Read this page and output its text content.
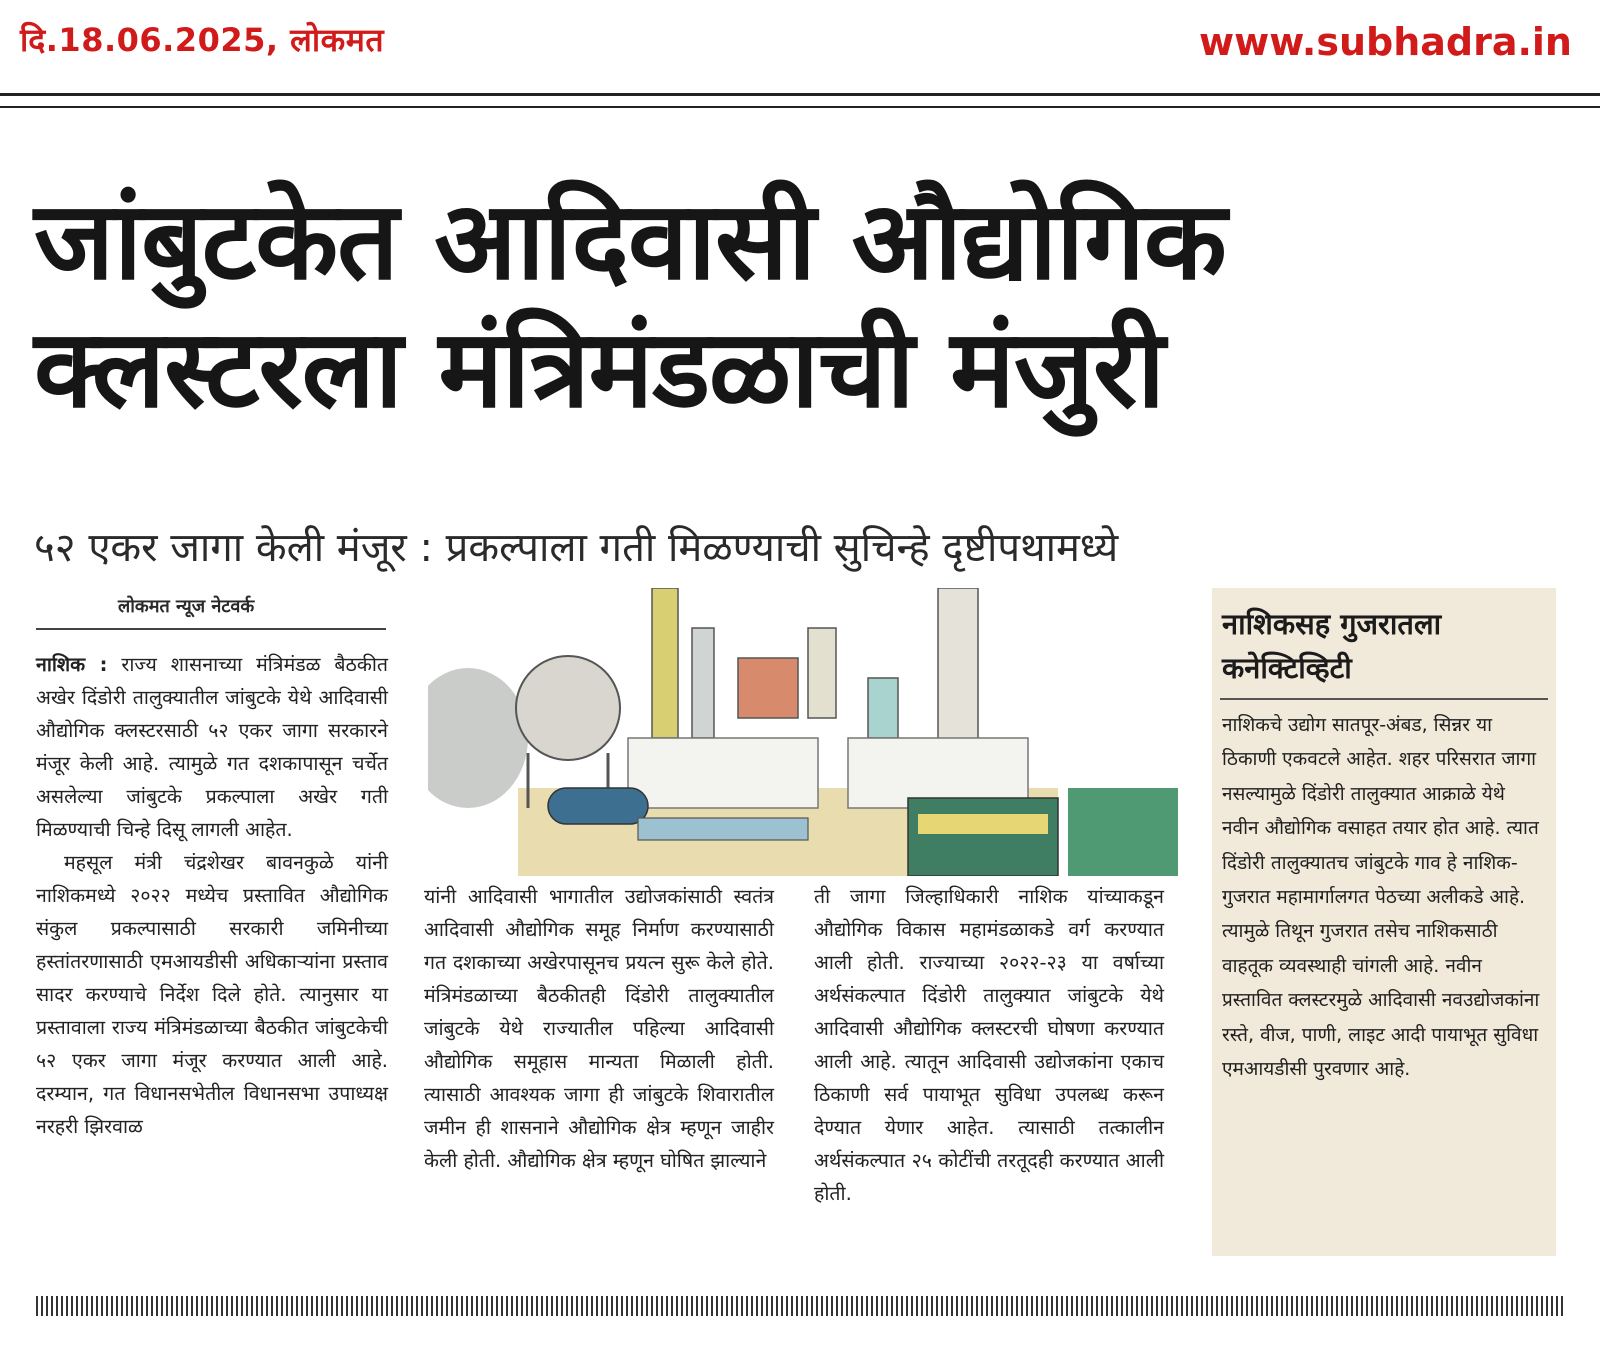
दि.18.06.2025, लोकमत	www.subhadra.in
जांबुटकेत आदिवासी औद्योगिक
क्लस्टरला मंत्रिमंडळाची मंजुरी
५२ एकर जागा केली मंजूर : प्रकल्पाला गती मिळण्याची सुचिन्हे दृष्टीपथामध्ये
लोकमत न्यूज नेटवर्क

नाशिक : राज्य शासनाच्या मंत्रिमंडळ बैठकीत अखेर दिंडोरी तालुक्यातील जांबुटके येथे आदिवासी औद्योगिक क्लस्टरसाठी ५२ एकर जागा सरकारने मंजूर केली आहे. त्यामुळे गत दशकापासून चर्चेत असलेल्या जांबुटके प्रकल्पाला अखेर गती मिळण्याची चिन्हे दिसू लागली आहेत.

महसूल मंत्री चंद्रशेखर बावनकुळे यांनी नाशिकमध्ये २०२२ मध्येच प्रस्तावित औद्योगिक संकुल प्रकल्पासाठी सरकारी जमिनीच्या हस्तांतरणासाठी एमआयडीसी अधिकाऱ्यांना प्रस्ताव सादर करण्याचे निर्देश दिले होते. त्यानुसार या प्रस्तावाला राज्य मंत्रिमंडळाच्या बैठकीत जांबुटकेची ५२ एकर जागा मंजूर करण्यात आली आहे. दरम्यान, गत विधानसभेतील विधानसभा उपाध्यक्ष नरहरी झिरवाळ

यांनी आदिवासी भागातील उद्योजकांसाठी स्वतंत्र आदिवासी औद्योगिक समूह निर्माण करण्यासाठी गत दशकाच्या अखेरपासूनच प्रयत्न सुरू केले होते. मंत्रिमंडळाच्या बैठकीतही दिंडोरी तालुक्यातील जांबुटके येथे राज्यातील पहिल्या आदिवासी औद्योगिक समूहास मान्यता मिळाली होती. त्यासाठी आवश्यक जागा ही जांबुटके शिवारातील जमीन ही शासनाने औद्योगिक क्षेत्र म्हणून जाहीर केली होती. औद्योगिक क्षेत्र म्हणून घोषित झाल्याने

ती जागा जिल्हाधिकारी नाशिक यांच्याकडून औद्योगिक विकास महामंडळाकडे वर्ग करण्यात आली होती. राज्याच्या २०२२-२३ या वर्षाच्या अर्थसंकल्पात दिंडोरी तालुक्यात जांबुटके येथे आदिवासी औद्योगिक क्लस्टरची घोषणा करण्यात आली आहे. त्यातून आदिवासी उद्योजकांना एकाच ठिकाणी सर्व पायाभूत सुविधा उपलब्ध करून देण्यात येणार आहेत. त्यासाठी तत्कालीन अर्थसंकल्पात २५ कोटींची तरतूदही करण्यात आली होती.

नाशिकसह गुजरातला कनेक्टिव्हिटी
नाशिकचे उद्योग सातपूर-अंबड, सिन्नर या ठिकाणी एकवटले आहेत. शहर परिसरात जागा नसल्यामुळे दिंडोरी तालुक्यात आक्राळे येथे नवीन औद्योगिक वसाहत तयार होत आहे. त्यात दिंडोरी तालुक्यातच जांबुटके गाव हे नाशिक-गुजरात महामार्गालगत पेठच्या अलीकडे आहे. त्यामुळे तिथून गुजरात तसेच नाशिकसाठी वाहतूक व्यवस्थाही चांगली आहे. नवीन प्रस्तावित क्लस्टरमुळे आदिवासी नवउद्योजकांना रस्ते, वीज, पाणी, लाइट आदी पायाभूत सुविधा एमआयडीसी पुरवणार आहे.
